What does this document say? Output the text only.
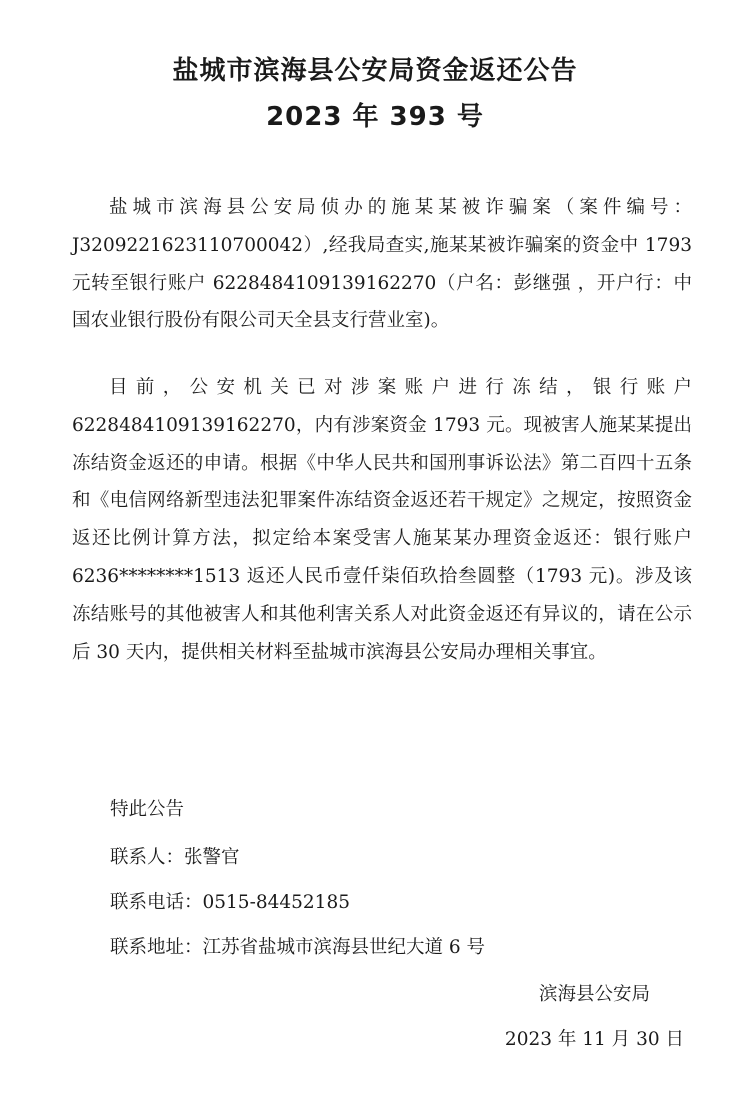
盐城市滨海县公安局资金返还公告
2023 年 393 号

盐城市滨海县公安局侦办的施某某被诈骗案（案件编号：J3209221623110700042）,经我局查实,施某某被诈骗案的资金中 1793 元转至银行账户 6228484109139162270（户名：彭继强 ，开户行：中国农业银行股份有限公司天全县支行营业室)。

目前，公安机关已对涉案账户进行冻结，银行账户 6228484109139162270，内有涉案资金 1793 元。现被害人施某某提出冻结资金返还的申请。根据《中华人民共和国刑事诉讼法》第二百四十五条和《电信网络新型违法犯罪案件冻结资金返还若干规定》之规定，按照资金返还比例计算方法，拟定给本案受害人施某某办理资金返还：银行账户 6236********1513 返还人民币壹仟柒佰玖拾叁圆整（1793 元)。涉及该冻结账号的其他被害人和其他利害关系人对此资金返还有异议的，请在公示后 30 天内，提供相关材料至盐城市滨海县公安局办理相关事宜。

特此公告
联系人：张警官
联系电话：0515-84452185
联系地址：江苏省盐城市滨海县世纪大道 6 号
滨海县公安局
2023 年 11 月 30 日
